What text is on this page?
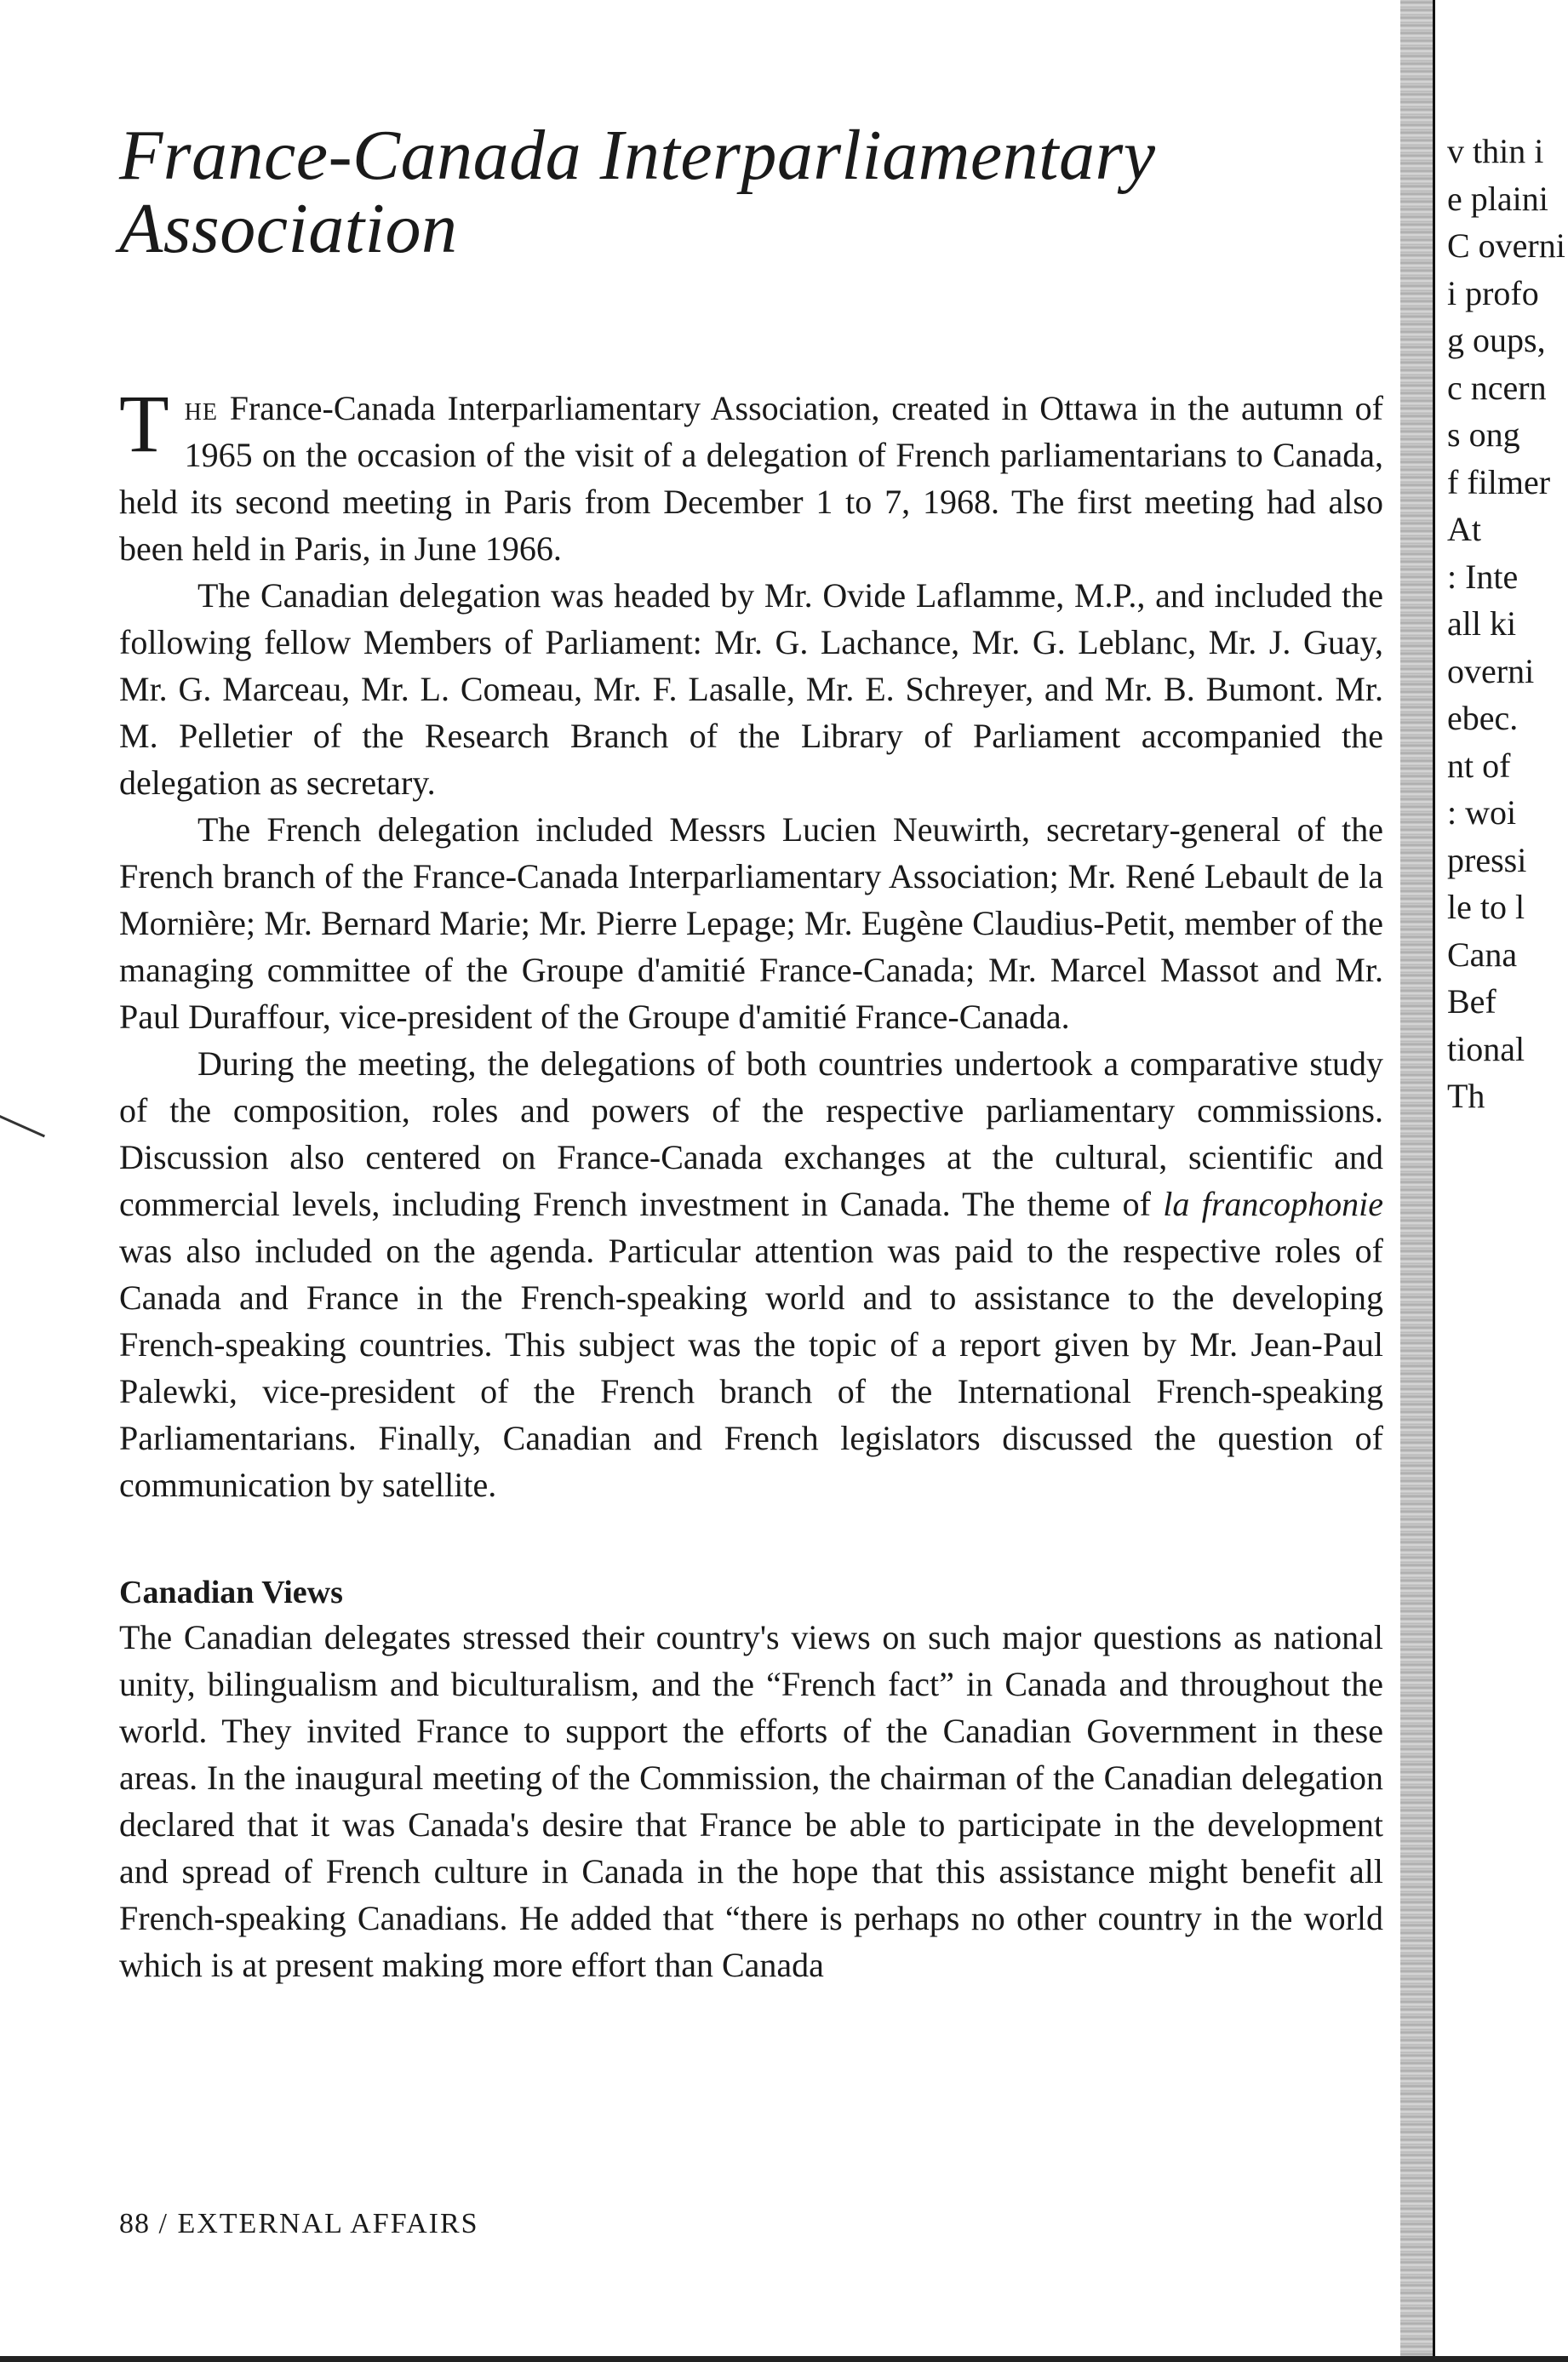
France-Canada Interparliamentary
Association

The France-Canada Interparliamentary Association, created in Ottawa in the autumn of 1965 on the occasion of the visit of a delegation of French parliamentarians to Canada, held its second meeting in Paris from December 1 to 7, 1968. The first meeting had also been held in Paris, in June 1966.

The Canadian delegation was headed by Mr. Ovide Laflamme, M.P., and included the following fellow Members of Parliament: Mr. G. Lachance, Mr. G. Leblanc, Mr. J. Guay, Mr. G. Marceau, Mr. L. Comeau, Mr. F. Lasalle, Mr. E. Schreyer, and Mr. B. Bumont. Mr. M. Pelletier of the Research Branch of the Library of Parliament accompanied the delegation as secretary.

The French delegation included Messrs Lucien Neuwirth, secretary-general of the French branch of the France-Canada Interparliamentary Association; Mr. René Lebault de la Mornière; Mr. Bernard Marie; Mr. Pierre Lepage; Mr. Eugène Claudius-Petit, member of the managing committee of the Groupe d'amitié France-Canada; Mr. Marcel Massot and Mr. Paul Duraffour, vice-president of the Groupe d'amitié France-Canada.

During the meeting, the delegations of both countries undertook a comparative study of the composition, roles and powers of the respective parliamentary commissions. Discussion also centered on France-Canada exchanges at the cultural, scientific and commercial levels, including French investment in Canada. The theme of la francophonie was also included on the agenda. Particular attention was paid to the respective roles of Canada and France in the French-speaking world and to assistance to the developing French-speaking countries. This subject was the topic of a report given by Mr. Jean-Paul Palewki, vice-president of the French branch of the International French-speaking Parliamentarians. Finally, Canadian and French legislators discussed the question of communication by satellite.

Canadian Views

The Canadian delegates stressed their country's views on such major questions as national unity, bilingualism and biculturalism, and the “French fact” in Canada and throughout the world. They invited France to support the efforts of the Canadian Government in these areas. In the inaugural meeting of the Commission, the chairman of the Canadian delegation declared that it was Canada's desire that France be able to participate in the development and spread of French culture in Canada in the hope that this assistance might benefit all French-speaking Canadians. He added that “there is perhaps no other country in the world which is at present making more effort than Canada

88 / EXTERNAL AFFAIRS
v thin i
e plaini
C overni
i profo
g oups,
c ncern
s ong
f filmer
At
: Inte
all ki
overni
ebec.
nt of
: woi
pressi
le to l
Cana
Bef
tional
Th
